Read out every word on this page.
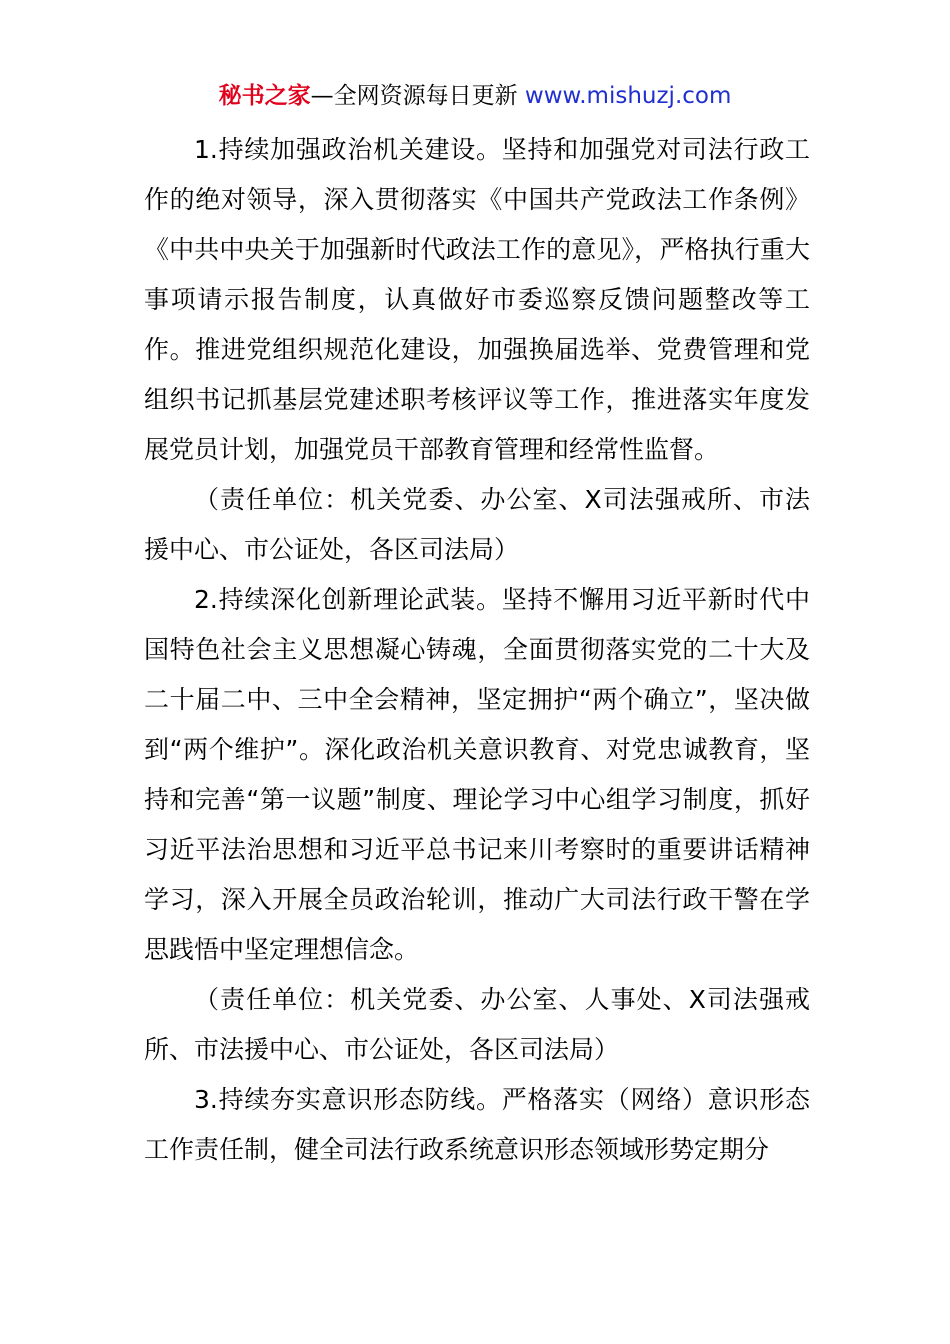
秘书之家—全网资源每日更新 www.mishuzj.com

1.持续加强政治机关建设。坚持和加强党对司法行政工作的绝对领导，深入贯彻落实《中国共产党政法工作条例》《中共中央关于加强新时代政法工作的意见》，严格执行重大事项请示报告制度，认真做好市委巡察反馈问题整改等工作。推进党组织规范化建设，加强换届选举、党费管理和党组织书记抓基层党建述职考核评议等工作，推进落实年度发展党员计划，加强党员干部教育管理和经常性监督。

（责任单位：机关党委、办公室、X司法强戒所、市法援中心、市公证处，各区司法局）

2.持续深化创新理论武装。坚持不懈用习近平新时代中国特色社会主义思想凝心铸魂，全面贯彻落实党的二十大及二十届二中、三中全会精神，坚定拥护“两个确立”，坚决做到“两个维护”。深化政治机关意识教育、对党忠诚教育，坚持和完善“第一议题”制度、理论学习中心组学习制度，抓好习近平法治思想和习近平总书记来川考察时的重要讲话精神学习，深入开展全员政治轮训，推动广大司法行政干警在学思践悟中坚定理想信念。

（责任单位：机关党委、办公室、人事处、X司法强戒所、市法援中心、市公证处，各区司法局）

3.持续夯实意识形态防线。严格落实（网络）意识形态工作责任制，健全司法行政系统意识形态领域形势定期分
